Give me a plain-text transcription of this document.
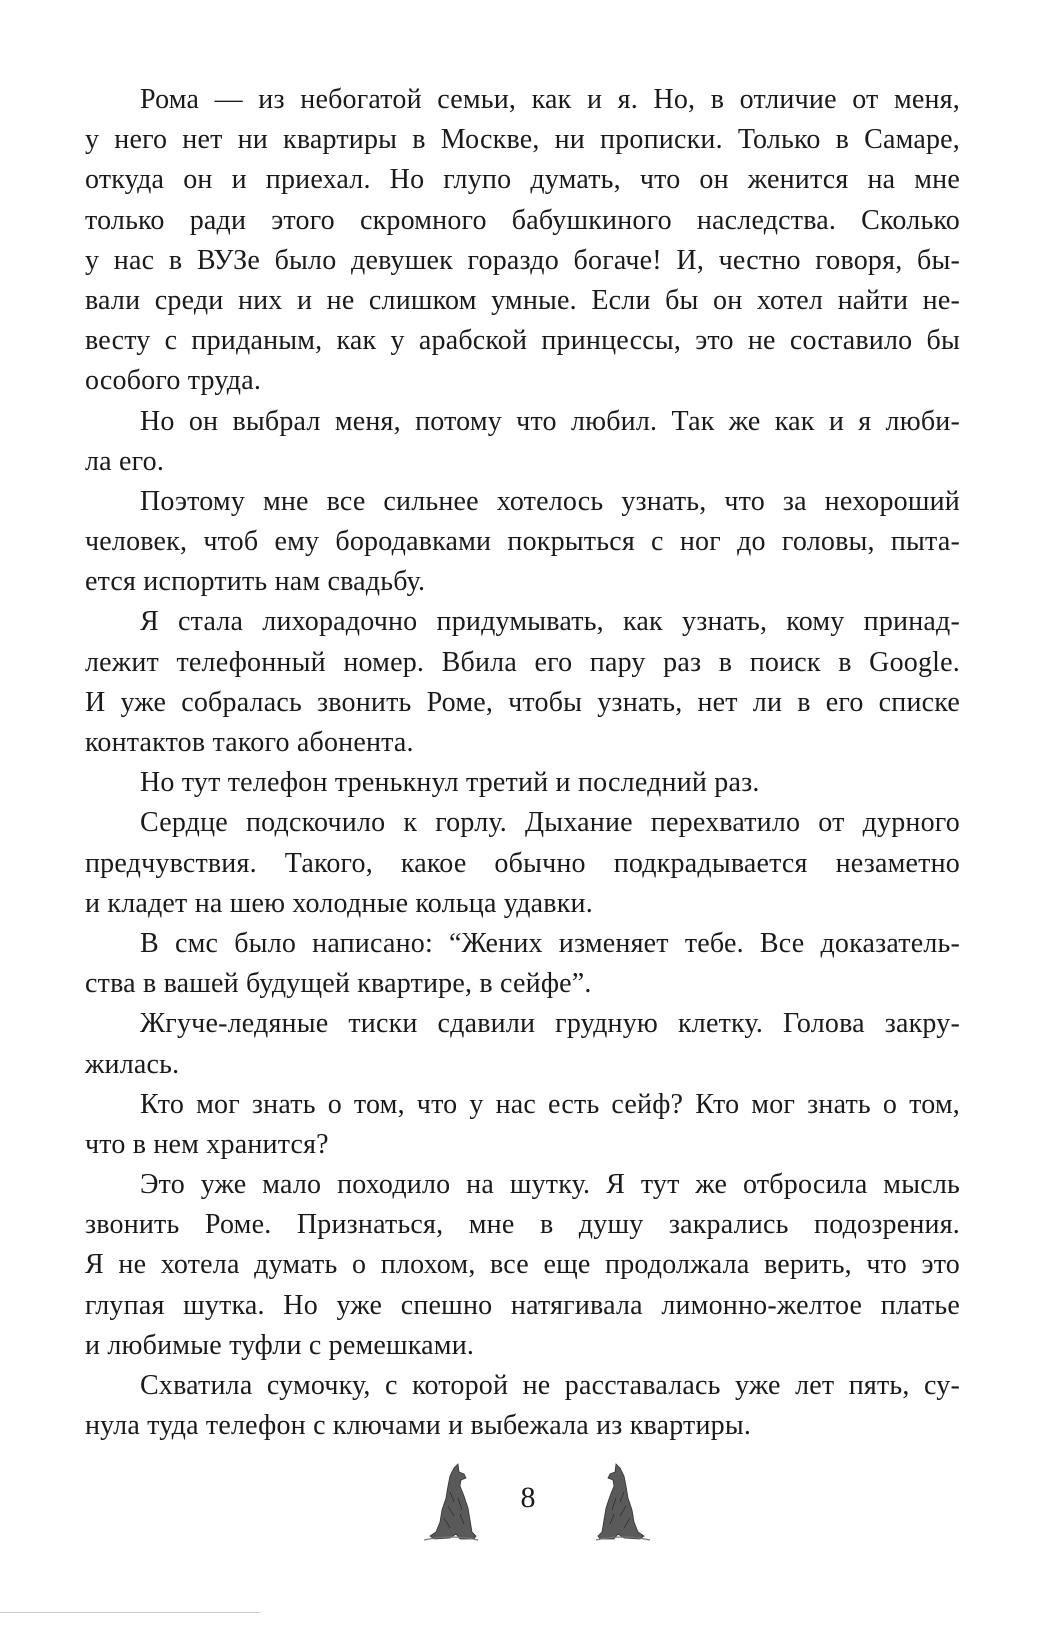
Рома — из небогатой семьи, как и я. Но, в отличие от меня,
у него нет ни квартиры в Москве, ни прописки. Только в Самаре,
откуда он и приехал. Но глупо думать, что он женится на мне
только ради этого скромного бабушкиного наследства. Сколько
у нас в ВУЗе было девушек гораздо богаче! И, честно говоря, бы-
вали среди них и не слишком умные. Если бы он хотел найти не-
весту с приданым, как у арабской принцессы, это не составило бы
особого труда.
Но он выбрал меня, потому что любил. Так же как и я люби-
ла его.
Поэтому мне все сильнее хотелось узнать, что за нехороший
человек, чтоб ему бородавками покрыться с ног до головы, пыта-
ется испортить нам свадьбу.
Я стала лихорадочно придумывать, как узнать, кому принад-
лежит телефонный номер. Вбила его пару раз в поиск в Google.
И уже собралась звонить Роме, чтобы узнать, нет ли в его списке
контактов такого абонента.
Но тут телефон тренькнул третий и последний раз.
Сердце подскочило к горлу. Дыхание перехватило от дурного
предчувствия. Такого, какое обычно подкрадывается незаметно
и кладет на шею холодные кольца удавки.
В смс было написано: “Жених изменяет тебе. Все доказатель-
ства в вашей будущей квартире, в сейфе”.
Жгуче-ледяные тиски сдавили грудную клетку. Голова закру-
жилась.
Кто мог знать о том, что у нас есть сейф? Кто мог знать о том,
что в нем хранится?
Это уже мало походило на шутку. Я тут же отбросила мысль
звонить Роме. Признаться, мне в душу закрались подозрения.
Я не хотела думать о плохом, все еще продолжала верить, что это
глупая шутка. Но уже спешно натягивала лимонно-желтое платье
и любимые туфли с ремешками.
Схватила сумочку, с которой не расставалась уже лет пять, су-
нула туда телефон с ключами и выбежала из квартиры.
8
